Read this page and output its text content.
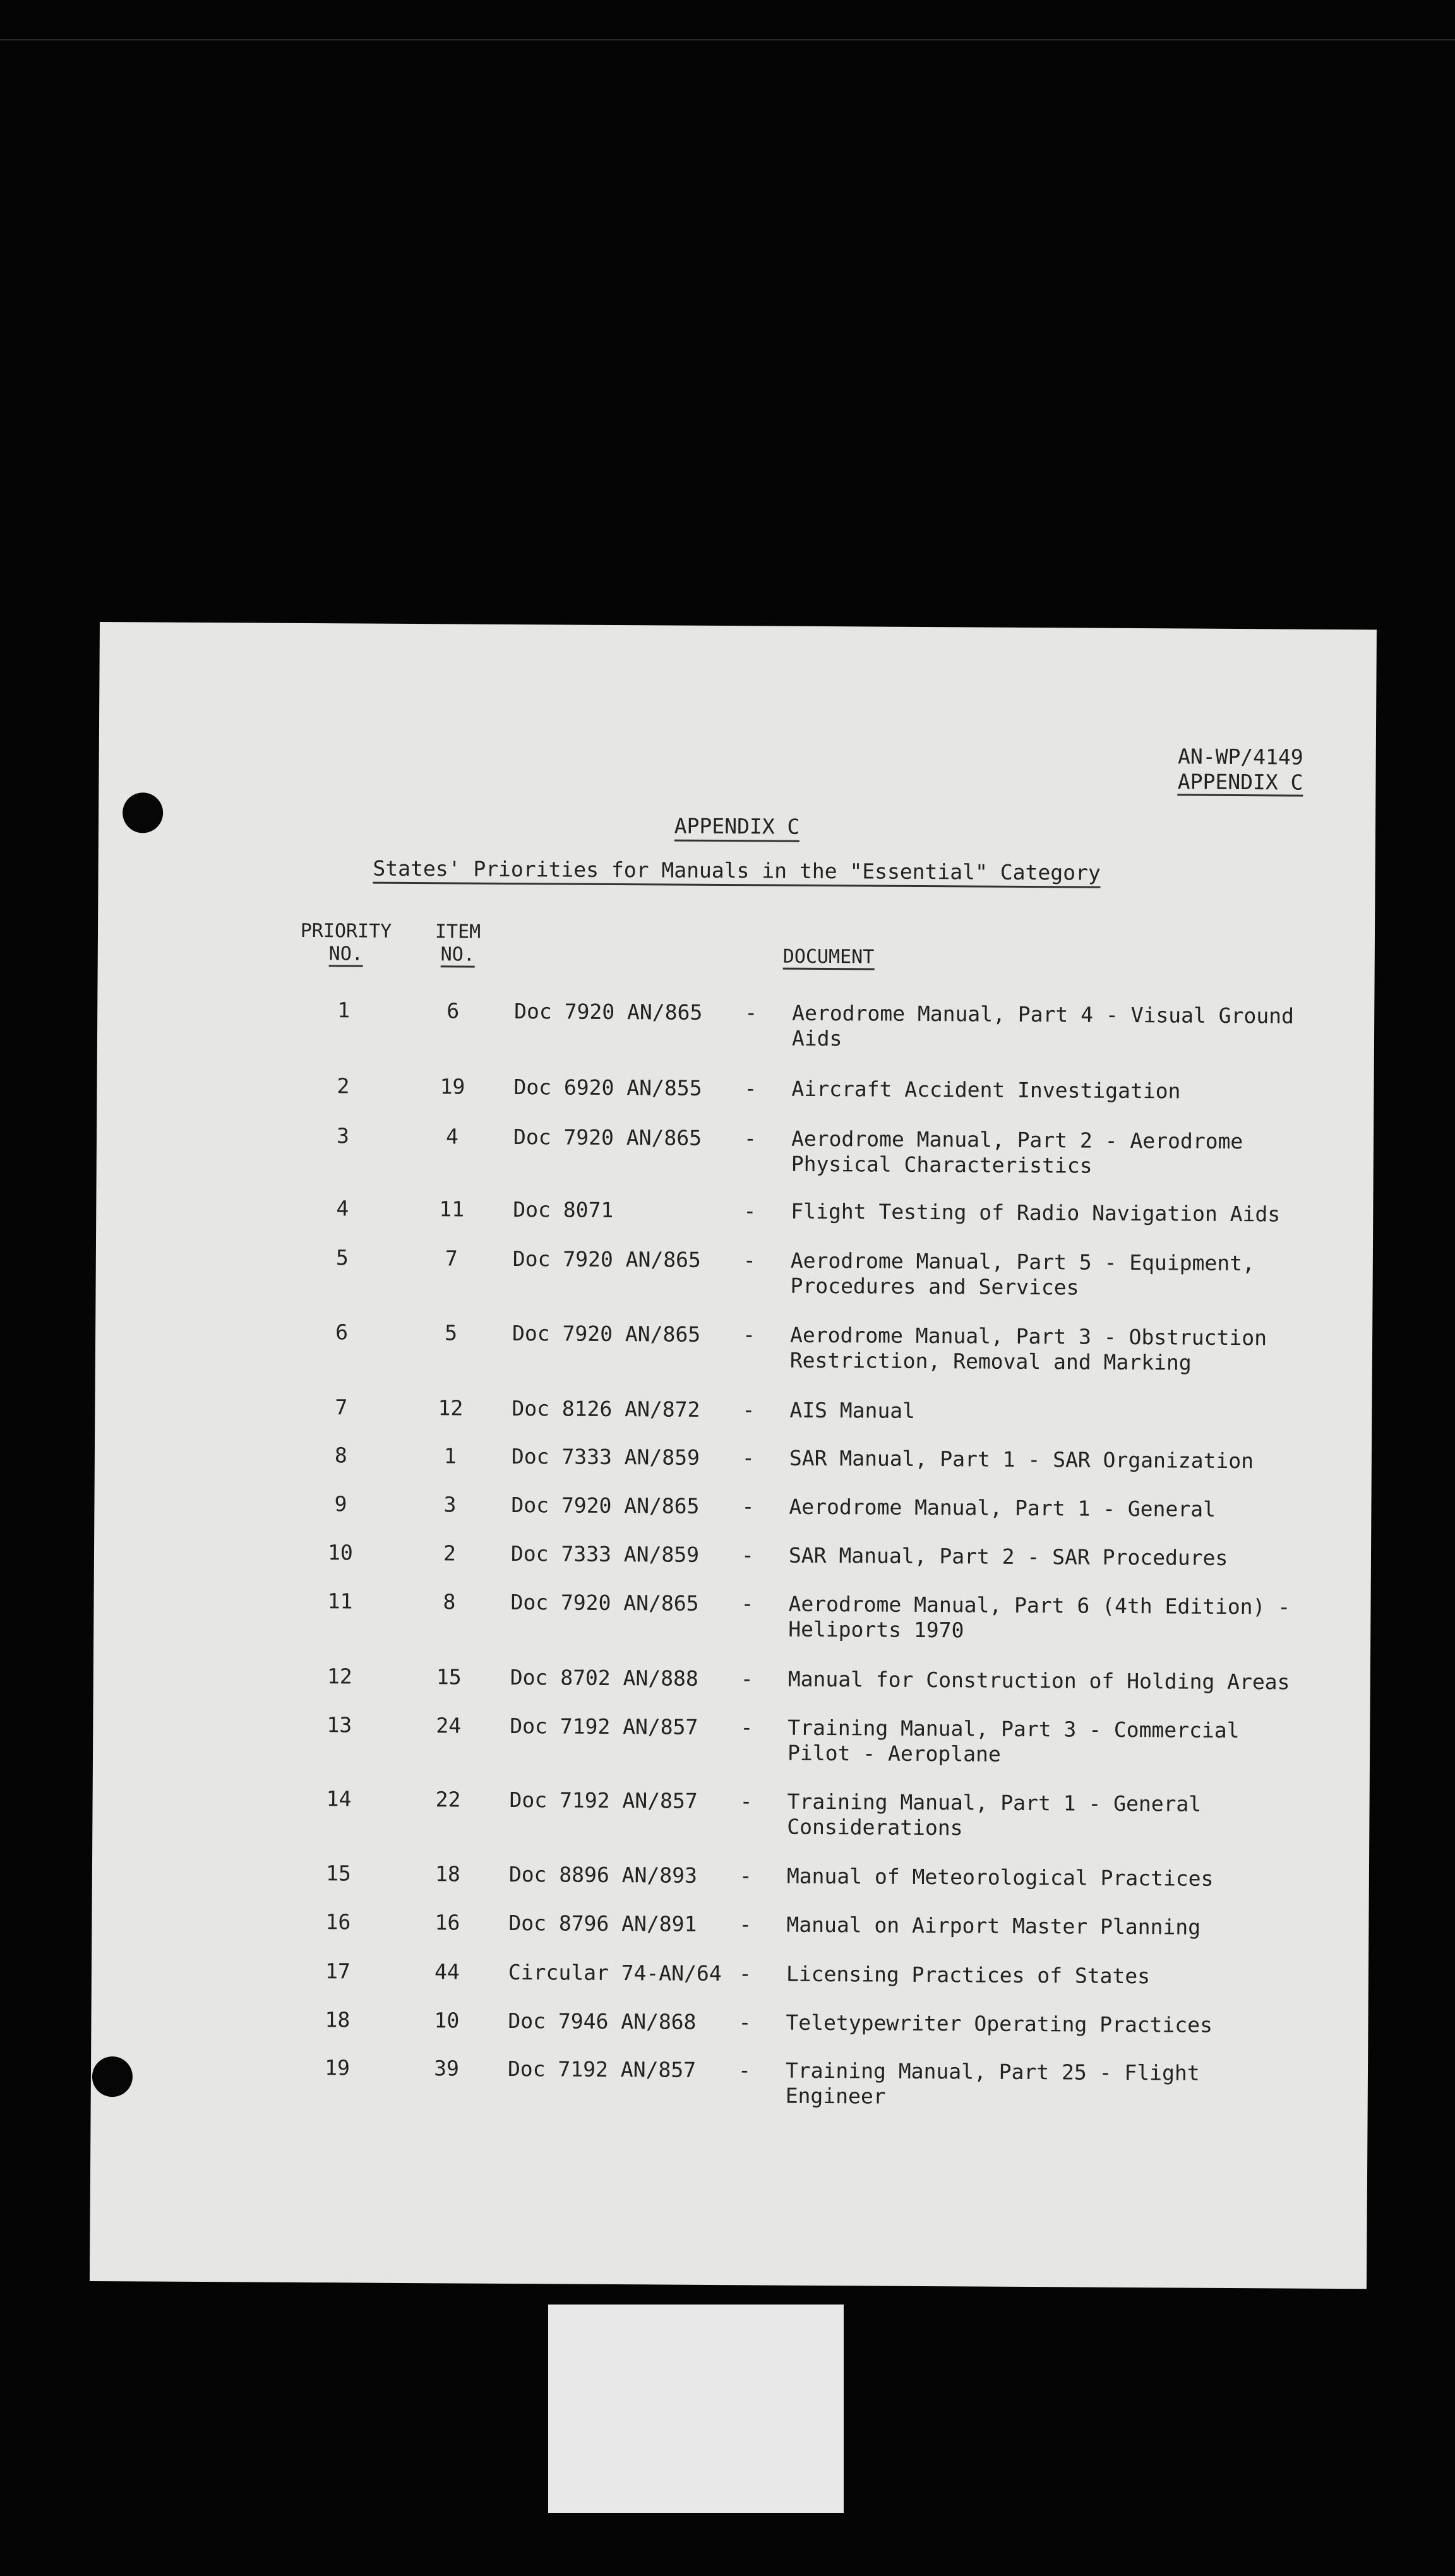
AN-WP/4149
APPENDIX C
APPENDIX C
States' Priorities for Manuals in the "Essential" Category
PRIORITY
NO.
ITEM
NO.	DOCUMENT
1	6	Doc 7920 AN/865 - Aerodrome Manual, Part 4 - Visual Ground Aids
2	19	Doc 6920 AN/855 - Aircraft Accident Investigation
3	4	Doc 7920 AN/865 - Aerodrome Manual, Part 2 - Aerodrome Physical Characteristics
4	11	Doc 8071	- Flight Testing of Radio Navigation Aids
5	7	Doc 7920 AN/865 - Aerodrome Manual, Part 5 - Equipment, Procedures and Services
6	5	Doc 7920 AN/865 - Aerodrome Manual, Part 3 - Obstruction Restriction, Removal and Marking
7	12	Doc 8126 AN/872 - AIS Manual
8	1	Doc 7333 AN/859 - SAR Manual, Part 1 - SAR Organization
9	3	Doc 7920 AN/865 - Aerodrome Manual, Part 1 - General
10	2	Doc 7333 AN/859 - SAR Manual, Part 2 - SAR Procedures
11	8	Doc 7920 AN/865 - Aerodrome Manual, Part 6 (4th Edition) - Heliports 1970
12	15	Doc 8702 AN/888 - Manual for Construction of Holding Areas
13	24	Doc 7192 AN/857 - Training Manual, Part 3 - Commercial Pilot - Aeroplane
14	22	Doc 7192 AN/857 - Training Manual, Part 1 - General Considerations
15	18	Doc 8896 AN/893 - Manual of Meteorological Practices
16	16	Doc 8796 AN/891 - Manual on Airport Master Planning
17	44	Circular 74-AN/64 - Licensing Practices of States
18	10	Doc 7946 AN/868 - Teletypewriter Operating Practices
19	39	Doc 7192 AN/857 - Training Manual, Part 25 - Flight Engineer
